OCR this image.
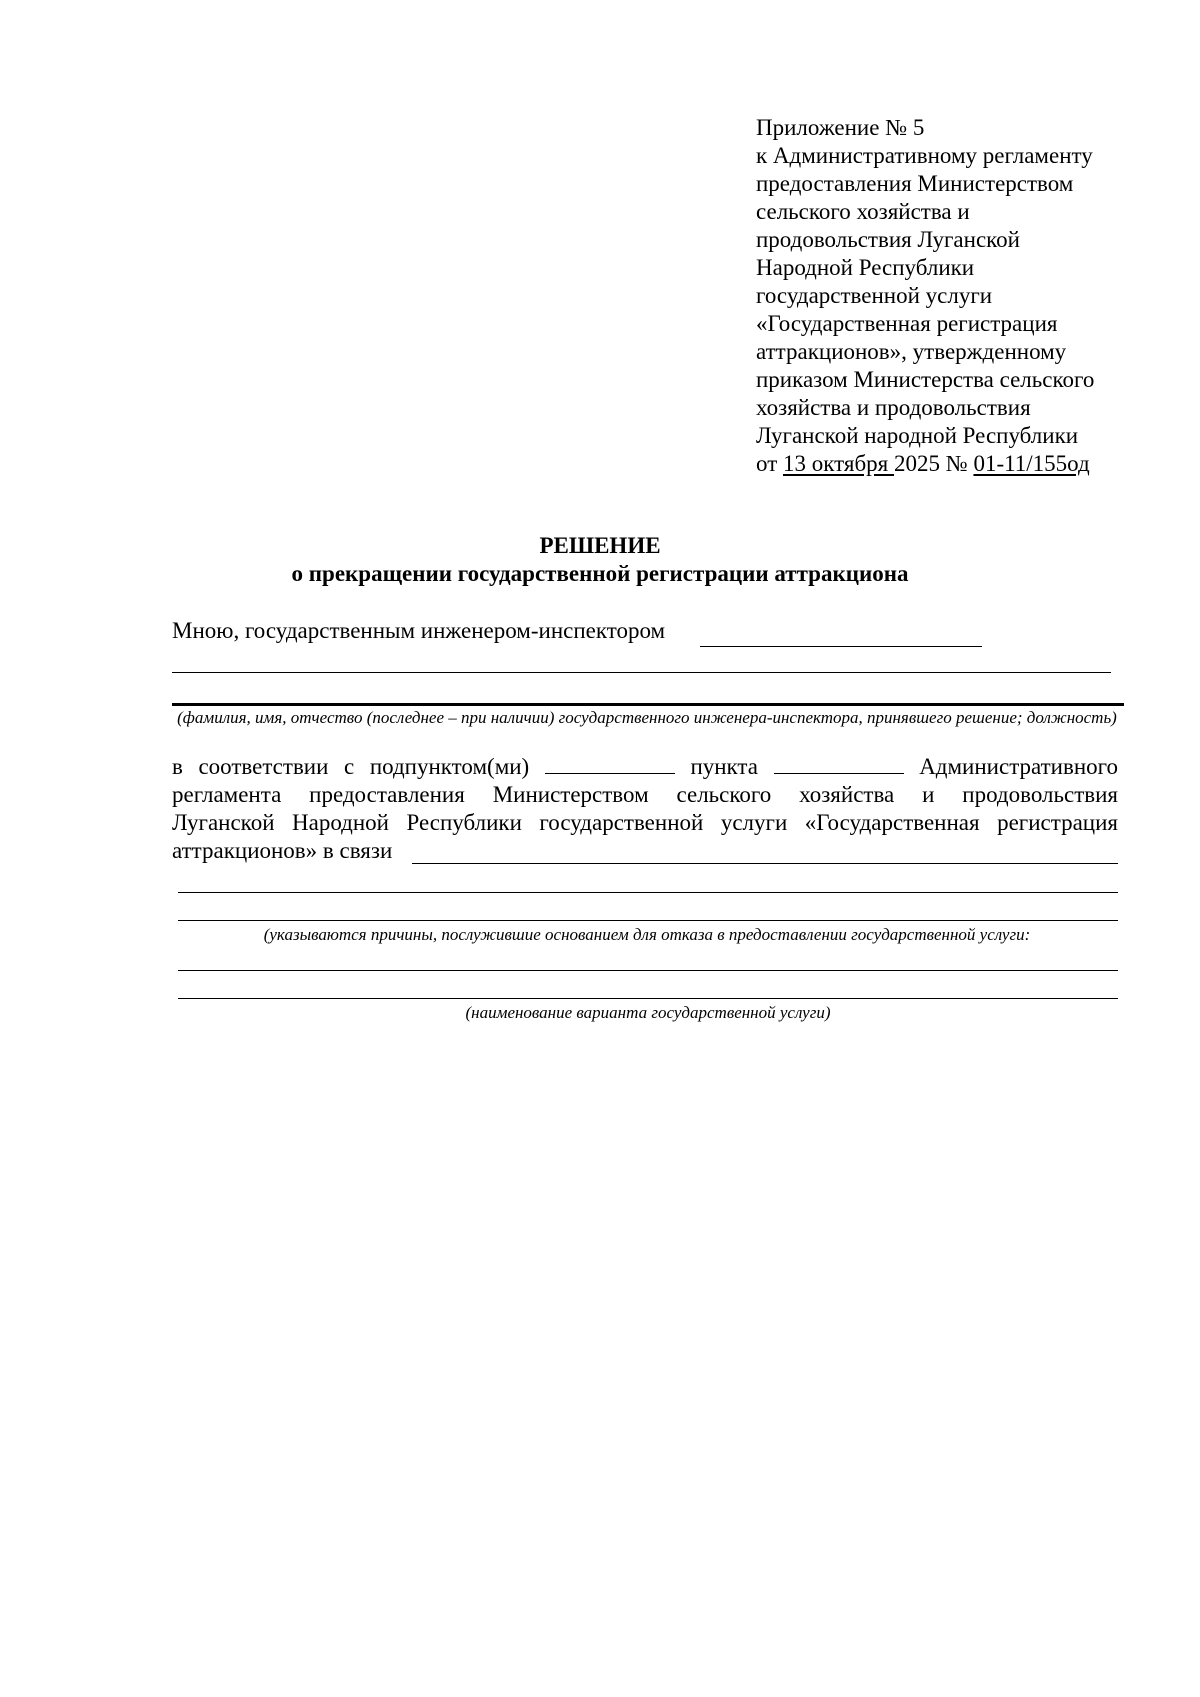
Приложение № 5
к Административному регламенту
предоставления Министерством
сельского хозяйства и
продовольствия Луганской
Народной Республики
государственной услуги
«Государственная регистрация
аттракционов», утвержденному
приказом Министерства сельского
хозяйства и продовольствия
Луганской народной Республики
от 13 октября 2025 № 01-11/155од
РЕШЕНИЕ
о прекращении государственной регистрации аттракциона
Мною, государственным инженером-инспектором
(фамилия, имя, отчество (последнее – при наличии) государственного инженера-инспектора, принявшего решение; должность)
в соответствии с подпунктом(ми)	пункта	Административного
регламента предоставления Министерством сельского хозяйства и продовольствия
Луганской Народной Республики государственной услуги «Государственная регистрация
аттракционов» в связи
(указываются причины, послужившие основанием для отказа в предоставлении государственной услуги:
(наименование варианта государственной услуги)
